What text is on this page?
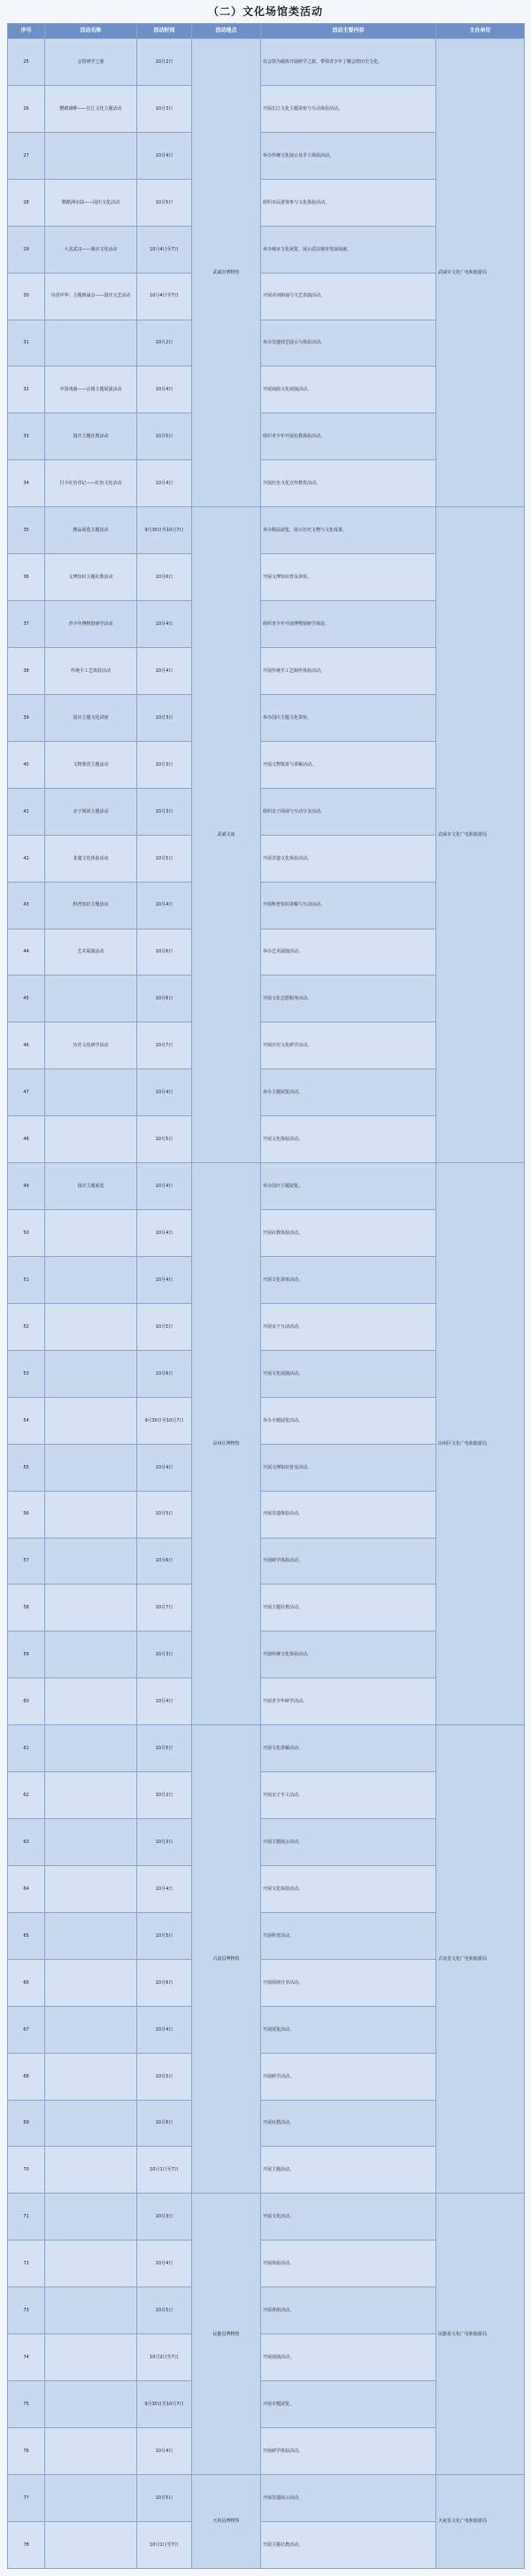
（二）文化场馆类活动
序号	活动名称	活动时间	活动地点	活动主要内容	主办单位
25	会馆研学之旅	10月2日	武威市博物馆	以会馆为载体开展研学之旅，带领青少年了解会馆历史文化。	武威市文化广电和旅游局
26	鹦鹉洲畔——长江文化主题活动	10月3日		开展长江文化主题讲座与互动体验活动。	
27		10月4日		举办传统文化展示及手工体验活动。	
28	鹦鹉洲水陆——国庆文化活动	10月5日		组织市民游客参与文化体验活动。	
29	大美武汉——城市文化活动	10月4日至7日		举办城市文化展览，展示武汉城市发展成就。	
30	诗香中华：主题朗诵会——国庆文艺活动	10月4日至7日		开展诗词朗诵与文艺表演活动。	
31		10月2日		举办非遗技艺展示与体验活动。	
32	中国戏曲——京剧主题展演活动	10月4日		开展戏曲文化展演活动。	
33	国庆主题社教活动	10月5日		组织青少年开展社教体验活动。	
34	打卡红色印记——红色文化活动	10月4日		开展红色文化宣传教育活动。	
35	精品展览主题活动	9月30日至10月7日	武威文庙	举办精品展览，展示历史文物与文化成果。	武威市文化广电和旅游局
36	文博知识主题社教活动	10月6日		开展文博知识普及讲座。	
37	青少年博物馆研学活动	10月4日		组织青少年开展博物馆研学体验。	
38	传统手工艺体验活动	10月4日		开展传统手工艺制作体验活动。	
39	国庆主题文化讲座	10月3日		举办国庆主题文化讲座。	
40	文物鉴赏主题活动	10月3日		开展文物鉴赏与讲解活动。	
41	亲子阅读主题活动	10月3日		组织亲子阅读与互动分享活动。	
42	非遗文化体验活动	10月5日		开展非遗文化体验活动。	
43	科普知识主题活动	10月4日		开展科普知识讲解与互动活动。	
44	艺术展演活动	10月6日		举办艺术展演活动。	
45		10月6日		开展文化志愿服务活动。	
46	历史文化研学活动	10月7日		开展历史文化研学活动。	
47		10月4日		举办主题展览活动。	
48		10月5日		开展文化体验活动。	
49	国庆主题展览	10月4日	凉州区博物馆	举办国庆主题展览。	凉州区文化广电和旅游局
50		10月4日		开展社教体验活动。	
51		10月4日		开展文化讲座活动。	
52		10月5日		开展亲子互动活动。	
53		10月6日		开展文化展演活动。	
54		9月30日至10月7日		举办专题展览活动。	
55		10月4日		开展文博知识普及活动。	
56		10月5日		开展非遗体验活动。	
57		10月6日		开展研学体验活动。	
58		10月7日		开展主题社教活动。	
59		10月3日		开展传统文化体验活动。	
60		10月4日		开展青少年研学活动。	
61		10月5日	古浪县博物馆	开展文化讲解活动。	古浪县文化广电和旅游局
62		10月2日		开展亲子手工活动。	
63		10月3日		开展主题展示活动。	
64		10月4日		开展文化体验活动。	
65		10月5日		开展科普活动。	
66		10月6日		开展阅读分享活动。	
67		10月4日		开展展览活动。	
68		10月5日		开展研学活动。	
69		10月6日		开展社教活动。	
70		10月1日至7日		开展主题活动。	
71		10月3日	民勤县博物馆	开展文化活动。	民勤县文化广电和旅游局
72		10月4日		开展体验活动。	
73		10月5日		开展讲座活动。	
74		10月2日至7日		开展展演活动。	
75		9月30日至10月7日		开展专题展览。	
76		10月4日		开展研学体验活动。	
77		10月5日	天祝县博物馆	开展非遗展示活动。	天祝县文化广电和旅游局
78		10月1日至7日		开展主题社教活动。	
